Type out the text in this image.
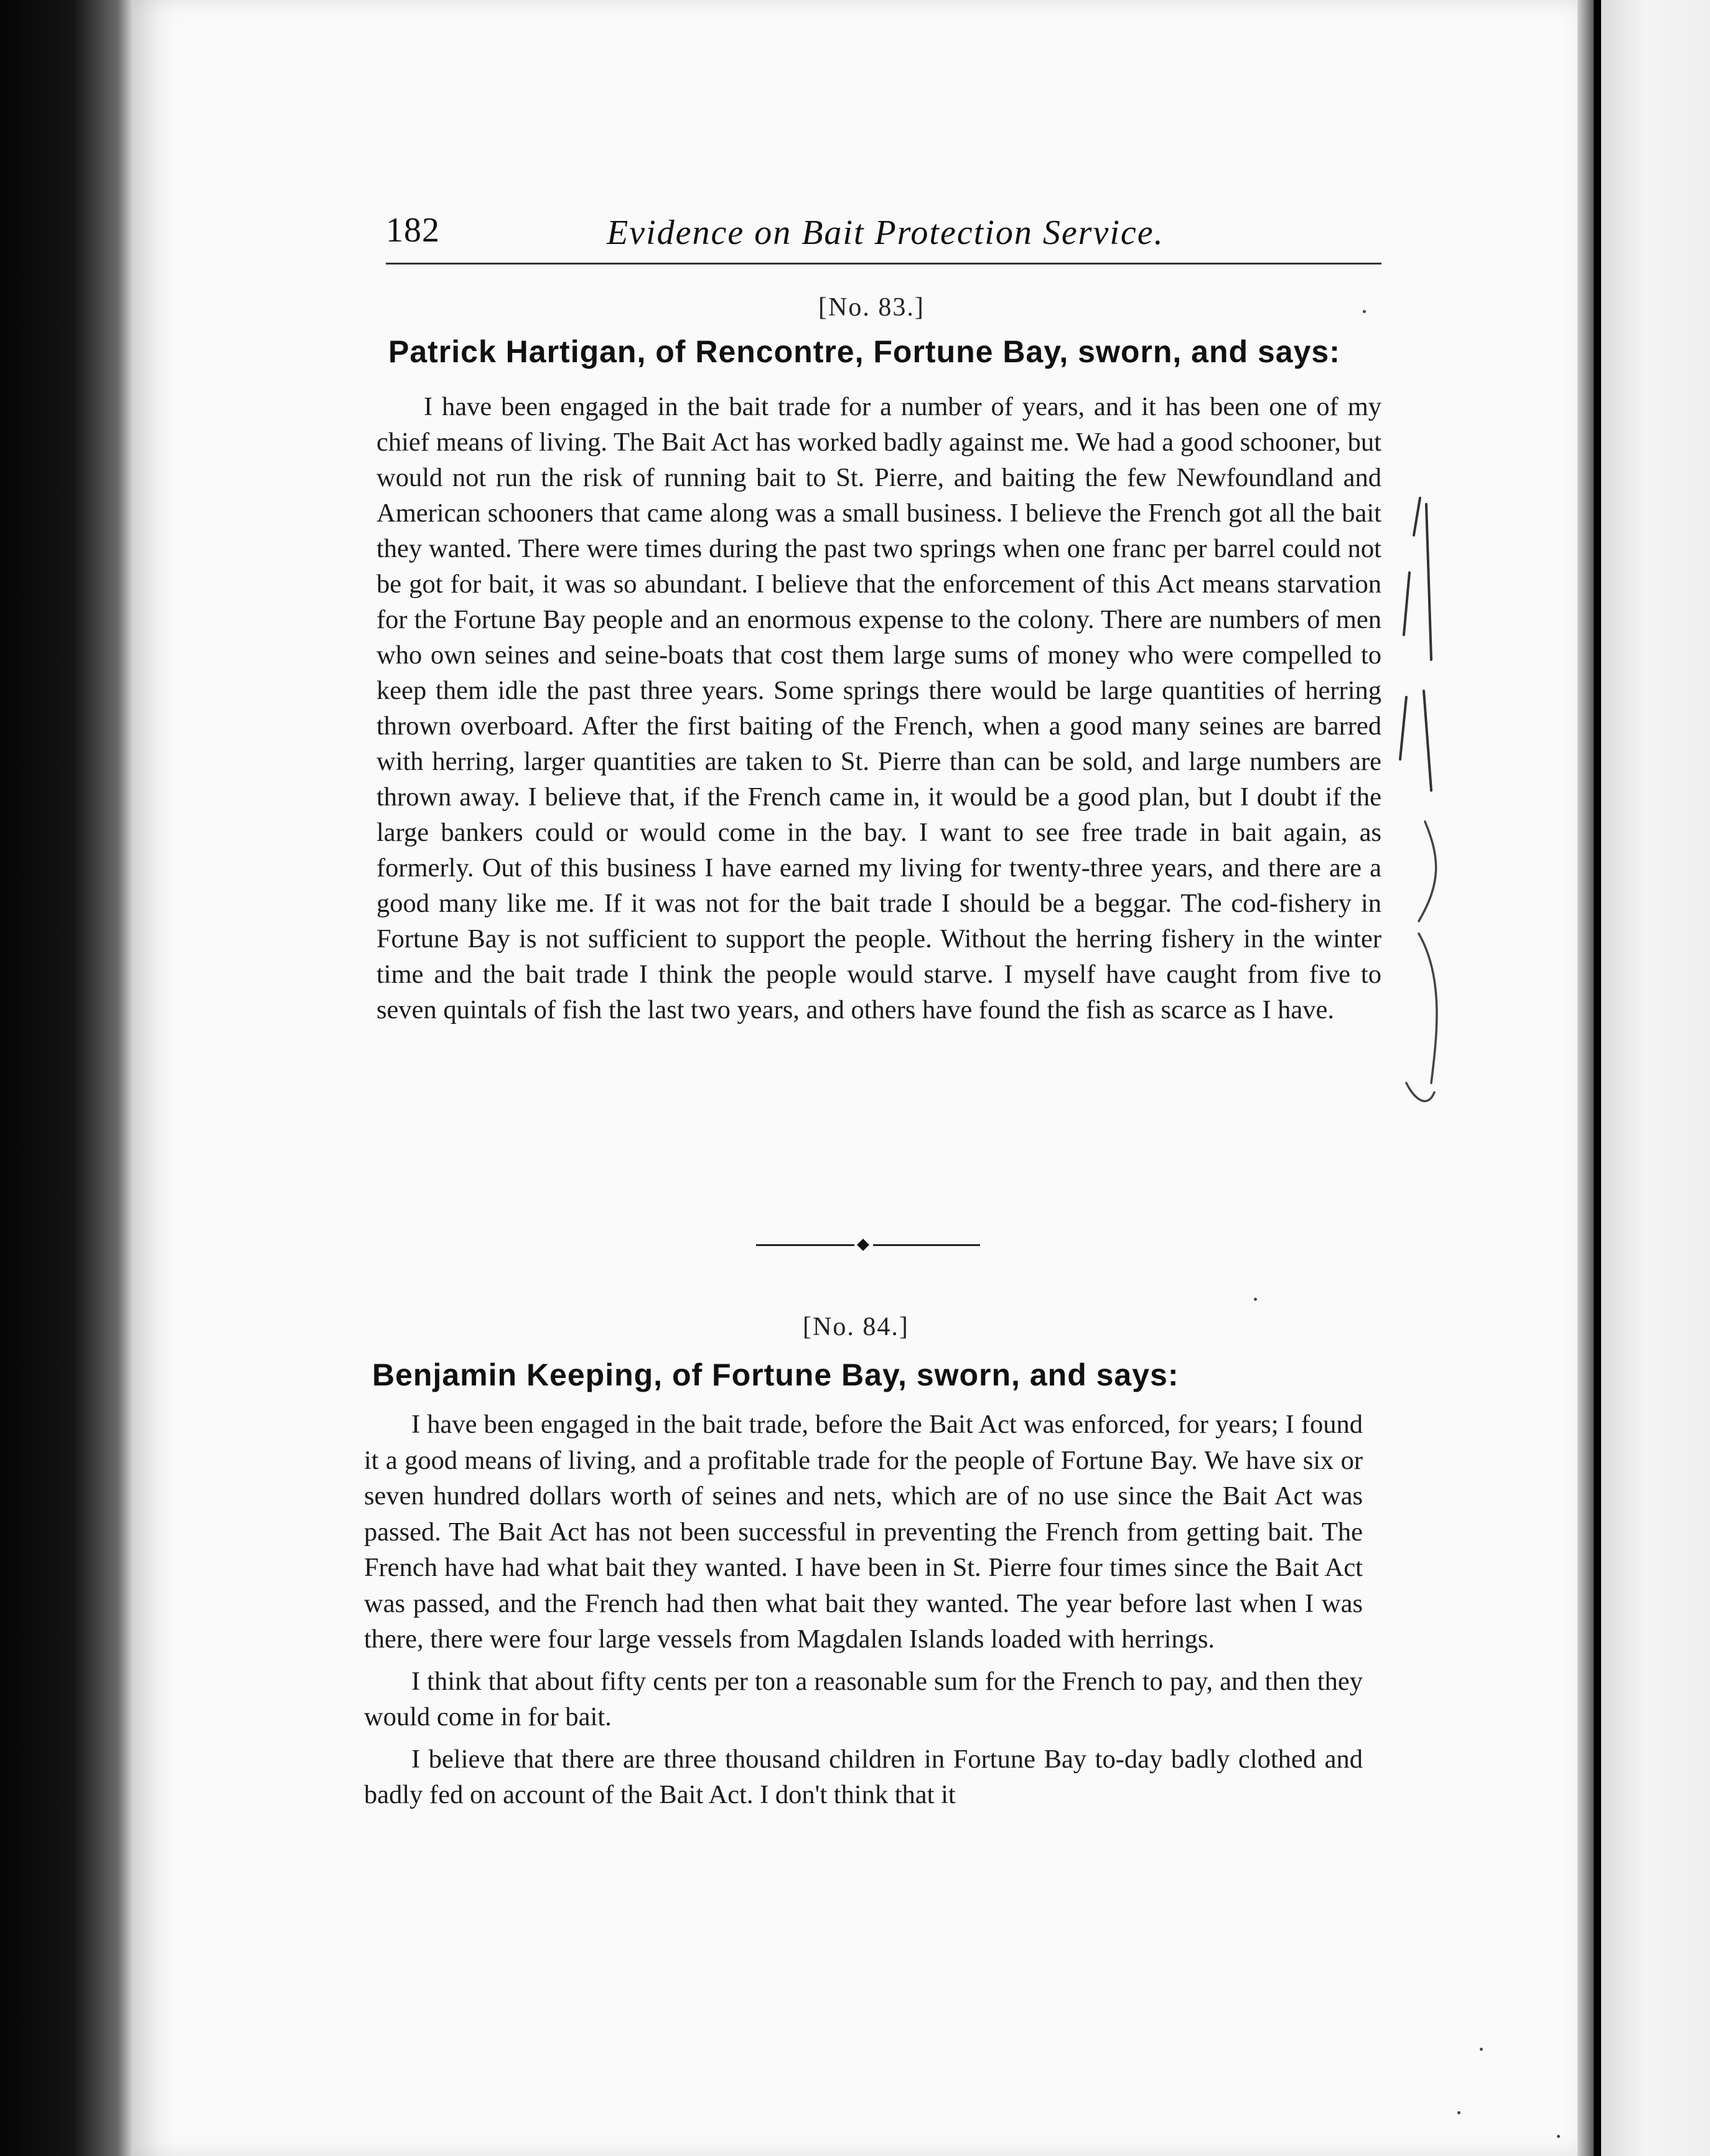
182	Evidence on Bait Protection Service.
[No. 83.]
Patrick Hartigan, of Rencontre, Fortune Bay, sworn, and says:

I have been engaged in the bait trade for a number of years, and it has been one of my chief means of living. The Bait Act has worked badly against me. We had a good schooner, but would not run the risk of running bait to St. Pierre, and baiting the few Newfoundland and American schooners that came along was a small business. I believe the French got all the bait they wanted. There were times during the past two springs when one franc per barrel could not be got for bait, it was so abundant. I believe that the enforcement of this Act means starvation for the Fortune Bay people and an enormous expense to the colony. There are numbers of men who own seines and seine-boats that cost them large sums of money who were compelled to keep them idle the past three years. Some springs there would be large quantities of herring thrown overboard. After the first baiting of the French, when a good many seines are barred with herring, larger quantities are taken to St. Pierre than can be sold, and large numbers are thrown away. I believe that, if the French came in, it would be a good plan, but I doubt if the large bankers could or would come in the bay. I want to see free trade in bait again, as formerly. Out of this business I have earned my living for twenty-three years, and there are a good many like me. If it was not for the bait trade I should be a beggar. The cod-fishery in Fortune Bay is not sufficient to support the people. Without the herring fishery in the winter time and the bait trade I think the people would starve. I myself have caught from five to seven quintals of fish the last two years, and others have found the fish as scarce as I have.

[No. 84.]
Benjamin Keeping, of Fortune Bay, sworn, and says:

I have been engaged in the bait trade, before the Bait Act was enforced, for years; I found it a good means of living, and a profitable trade for the people of Fortune Bay. We have six or seven hundred dollars worth of seines and nets, which are of no use since the Bait Act was passed. The Bait Act has not been successful in preventing the French from getting bait. The French have had what bait they wanted. I have been in St. Pierre four times since the Bait Act was passed, and the French had then what bait they wanted. The year before last when I was there, there were four large vessels from Magdalen Islands loaded with herrings.

I think that about fifty cents per ton a reasonable sum for the French to pay, and then they would come in for bait.

I believe that there are three thousand children in Fortune Bay to-day badly clothed and badly fed on account of the Bait Act. I don't think that it
